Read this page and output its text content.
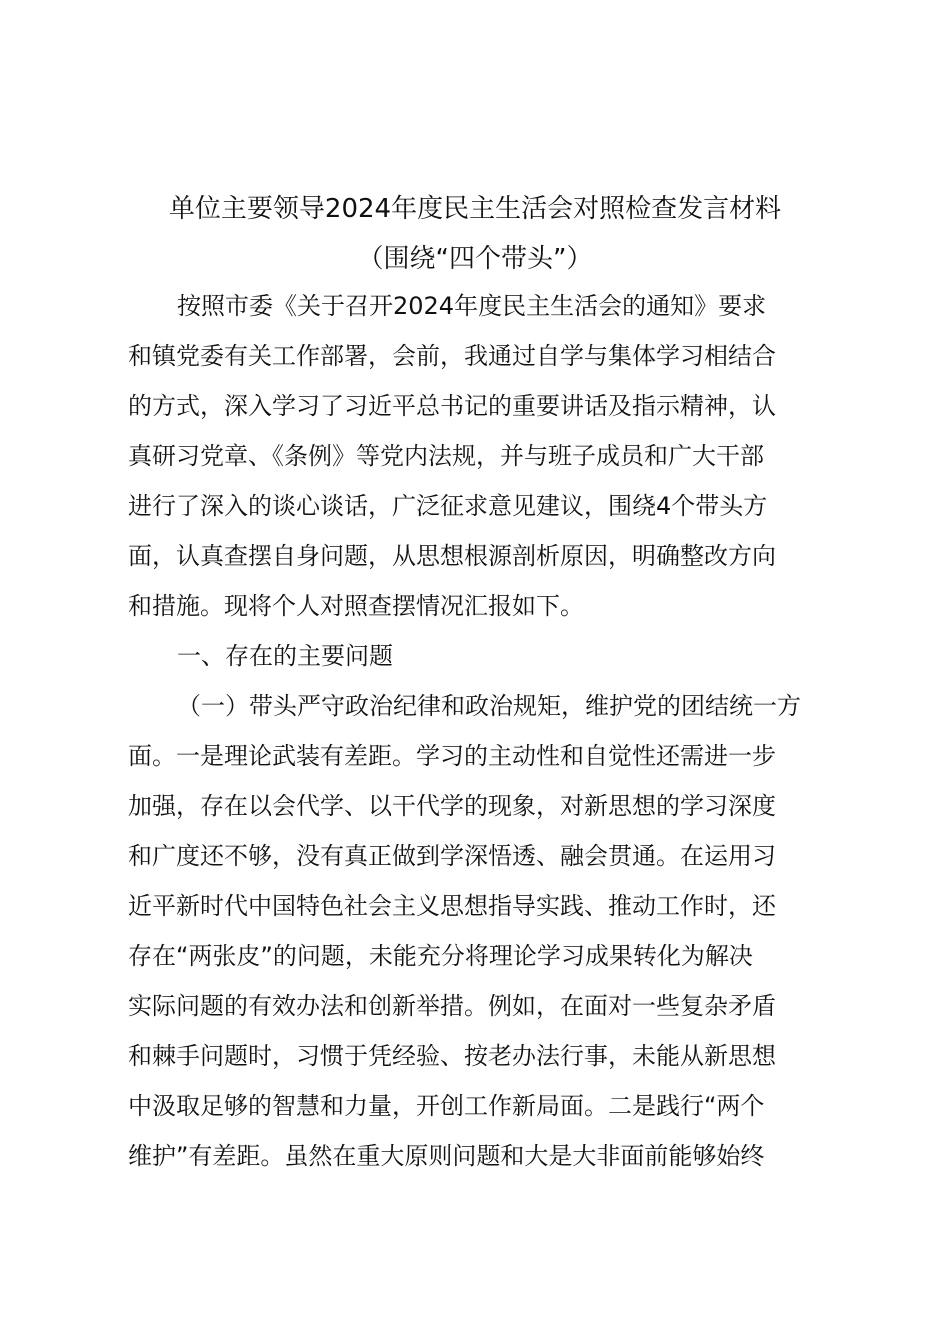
单位主要领导2024年度民主生活会对照检查发言材料
（围绕“四个带头”）

按照市委《关于召开2024年度民主生活会的通知》要求

和镇党委有关工作部署，会前，我通过自学与集体学习相结合

的方式，深入学习了习近平总书记的重要讲话及指示精神，认

真研习党章、《条例》等党内法规，并与班子成员和广大干部

进行了深入的谈心谈话，广泛征求意见建议，围绕4个带头方

面，认真查摆自身问题，从思想根源剖析原因，明确整改方向

和措施。现将个人对照查摆情况汇报如下。

一、存在的主要问题

（一）带头严守政治纪律和政治规矩，维护党的团结统一方

面。一是理论武装有差距。学习的主动性和自觉性还需进一步

加强，存在以会代学、以干代学的现象，对新思想的学习深度

和广度还不够，没有真正做到学深悟透、融会贯通。在运用习

近平新时代中国特色社会主义思想指导实践、推动工作时，还

存在“两张皮”的问题，未能充分将理论学习成果转化为解决

实际问题的有效办法和创新举措。例如，在面对一些复杂矛盾

和棘手问题时，习惯于凭经验、按老办法行事，未能从新思想

中汲取足够的智慧和力量，开创工作新局面。二是践行“两个

维护”有差距。虽然在重大原则问题和大是大非面前能够始终
